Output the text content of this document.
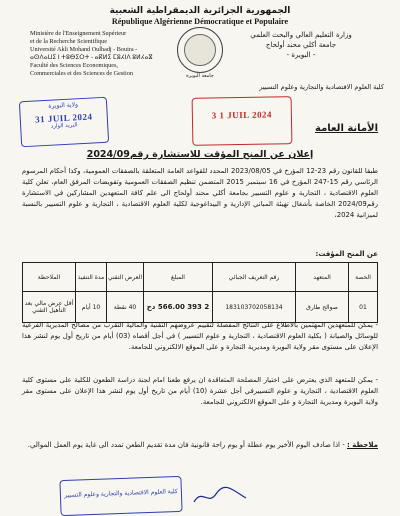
الجمهورية الجزائرية الديمقراطية الشعبية
République Algérienne Démocratique et Populaire
Ministère de l'Enseignement Supérieur
et de la Recherche Scientifique
Université Akli Mohand Oulhadj - Bouira -
ⴰⵙⴷⴰⵡⵉ ⵏ ⵜⵓⴱⵉⵔⵜ - ⴰⴽⵍⵉ ⵎⵓⵃⵏⴷ ⵓⵍⵃⴰⴵ
Faculté des Sciences Economiques,
Commerciales et des Sciences de Gestion	جامعة البويرة
وزارة التعليم العالي والبحث العلمي
جامعة أكلي محند أولحاج
- البويرة -
كلية العلوم الاقتصادية والتجارية وعلوم التسيير
ولاية البويرة
31 JUIL 2024
البريد الوارد
3 1 JUIL 2024
الأمانة العامة
إعلان عن المنح المؤقت للاستشارة رقم2024/09
طبقا للقانون رقم 23-12 المؤرخ في 2023/08/05 المحدد للقواعد العامة المتعلقة بالصفقات العمومية، وكذا أحكام المرسوم الرئاسي رقم 15-247 المؤرخ في 16 سبتمبر 2015 المتضمن تنظيم الصفقات العمومية وتفويضات المرفق العام، تعلن كلية العلوم الاقتصادية ، التجارية و علوم التسيير بجامعة أكلي محند أولحاج الى علم كافة المتعهدين المشاركين في الاستشارة رقم2024/09 الخاصة بأشغال تهيئة المباني الإدارية و البيداغوجية لكلية العلوم الاقتصادية ، التجارية و علوم التسيير بالنسبة لميزانية 2024،
عن المنح المؤقت:
الحصة	المتعهد	رقم التعريف الجبائي	المبلغ	العرض التقني	مدة التنفيذ	الملاحظة
01	صوالح طارق	183103702058134	2 393 566.00 دج	40 نقطة	10 أيام	أقل عرض مالي بعد التأهيل التقني
- يمكن للمتعهدين المهتمين بالاطلاع على النتائج المفصلة لتقييم عروضهم التقنية والمالية التقرب من مصالح المديرية الفرعية للوسائل والصيانة ( بكلية العلوم الاقتصادية ، التجارية و علوم التسيير ) في أجل أقصاه (03) أيام من تاريخ أول يوم لنشر هذا الإعلان على مستوى مقر ولاية البويرة ومديرية التجارة و على الموقع الالكتروني للجامعة.
- يمكن للمتعهد الذي يعترض على اختيار المصلحة المتعاقدة ان يرفع طعنا امام لجنة دراسة الطعون للكلية على مستوى كلية العلوم الاقتصادية ، التجارية و علوم التسييرفي أجل عشرة (10) أيام من تاريخ أول يوم لنشر هذا الإعلان على مستوى مقر ولاية البويرة ومديرية التجارة و على الموقع الالكتروني للجامعة.
ملاحظة : - اذا صادف اليوم الأخير يوم عطلة أو يوم راحة قانونية فان مدة تقديم الطعن تمدد الى غاية يوم العمل الموالي.
كلية العلوم الاقتصادية والتجارية وعلوم التسيير
